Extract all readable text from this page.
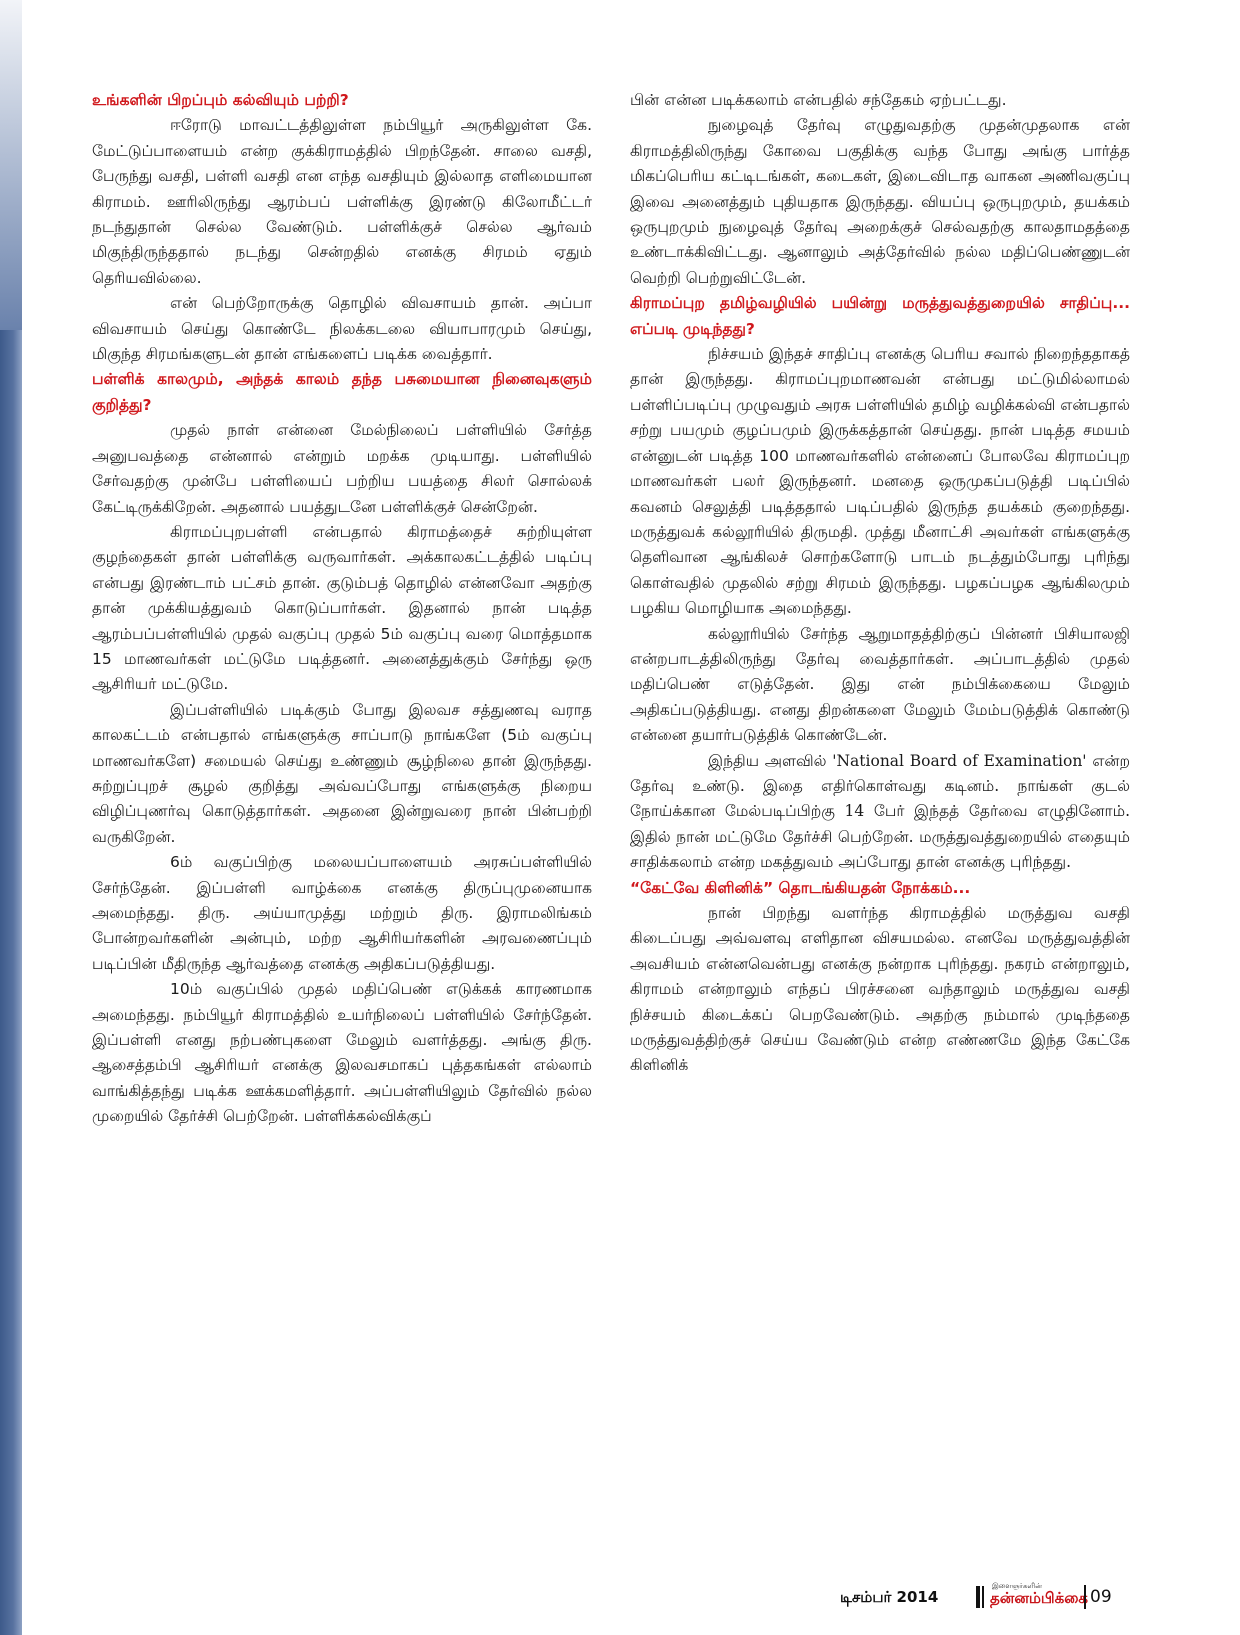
உங்களின் பிறப்பும் கல்வியும் பற்றி?

ஈரோடு மாவட்டத்திலுள்ள நம்பியூர் அருகிலுள்ள கே. மேட்டுப்பாளையம் என்ற குக்கிராமத்தில் பிறந்தேன். சாலை வசதி, பேருந்து வசதி, பள்ளி வசதி என எந்த வசதியும் இல்லாத எளிமையான கிராமம். ஊரிலிருந்து ஆரம்பப் பள்ளிக்கு இரண்டு கிலோமீட்டர் நடந்துதான் செல்ல வேண்டும். பள்ளிக்குச் செல்ல ஆர்வம் மிகுந்திருந்ததால் நடந்து சென்றதில் எனக்கு சிரமம் ஏதும் தெரியவில்லை.

என் பெற்றோருக்கு தொழில் விவசாயம் தான். அப்பா விவசாயம் செய்து கொண்டே நிலக்கடலை வியாபாரமும் செய்து, மிகுந்த சிரமங்களுடன் தான் எங்களைப் படிக்க வைத்தார்.

பள்ளிக் காலமும், அந்தக் காலம் தந்த பசுமையான நினைவுகளும் குறித்து?

முதல் நாள் என்னை மேல்நிலைப் பள்ளியில் சேர்த்த அனுபவத்தை என்னால் என்றும் மறக்க முடியாது. பள்ளியில் சேர்வதற்கு முன்பே பள்ளியைப் பற்றிய பயத்தை சிலர் சொல்லக் கேட்டிருக்கிறேன். அதனால் பயத்துடனே பள்ளிக்குச் சென்றேன்.

கிராமப்புறபள்ளி என்பதால் கிராமத்தைச் சுற்றியுள்ள குழந்தைகள் தான் பள்ளிக்கு வருவார்கள். அக்காலகட்டத்தில் படிப்பு என்பது இரண்டாம் பட்சம் தான். குடும்பத் தொழில் என்னவோ அதற்கு தான் முக்கியத்துவம் கொடுப்பார்கள். இதனால் நான் படித்த ஆரம்பப்பள்ளியில் முதல் வகுப்பு முதல் 5ம் வகுப்பு வரை மொத்தமாக 15 மாணவர்கள் மட்டுமே படித்தனர். அனைத்துக்கும் சேர்ந்து ஒரு ஆசிரியர் மட்டுமே.

இப்பள்ளியில் படிக்கும் போது இலவச சத்துணவு வராத காலகட்டம் என்பதால் எங்களுக்கு சாப்பாடு நாங்களே (5ம் வகுப்பு மாணவர்களே) சமையல் செய்து உண்ணும் சூழ்நிலை தான் இருந்தது. சுற்றுப்புறச் சூழல் குறித்து அவ்வப்போது எங்களுக்கு நிறைய விழிப்புணர்வு கொடுத்தார்கள். அதனை இன்றுவரை நான் பின்பற்றி வருகிறேன்.

6ம் வகுப்பிற்கு மலையப்பாளையம் அரசுப்பள்ளியில் சேர்ந்தேன். இப்பள்ளி வாழ்க்கை எனக்கு திருப்புமுனையாக அமைந்தது. திரு. அய்யாமுத்து மற்றும் திரு. இராமலிங்கம் போன்றவர்களின் அன்பும், மற்ற ஆசிரியர்களின் அரவணைப்பும் படிப்பின் மீதிருந்த ஆர்வத்தை எனக்கு அதிகப்படுத்தியது.

10ம் வகுப்பில் முதல் மதிப்பெண் எடுக்கக் காரணமாக அமைந்தது. நம்பியூர் கிராமத்தில் உயர்நிலைப் பள்ளியில் சேர்ந்தேன். இப்பள்ளி எனது நற்பண்புகளை மேலும் வளர்த்தது. அங்கு திரு. ஆசைத்தம்பி ஆசிரியர் எனக்கு இலவசமாகப் புத்தகங்கள் எல்லாம் வாங்கித்தந்து படிக்க ஊக்கமளித்தார். அப்பள்ளியிலும் தேர்வில் நல்ல முறையில் தேர்ச்சி பெற்றேன். பள்ளிக்கல்விக்குப்

பின் என்ன படிக்கலாம் என்பதில் சந்தேகம் ஏற்பட்டது.

நுழைவுத் தேர்வு எழுதுவதற்கு முதன்முதலாக என் கிராமத்திலிருந்து கோவை பகுதிக்கு வந்த போது அங்கு பார்த்த மிகப்பெரிய கட்டிடங்கள், கடைகள், இடைவிடாத வாகன அணிவகுப்பு இவை அனைத்தும் புதியதாக இருந்தது. வியப்பு ஒருபுறமும், தயக்கம் ஒருபுறமும் நுழைவுத் தேர்வு அறைக்குச் செல்வதற்கு காலதாமதத்தை உண்டாக்கிவிட்டது. ஆனாலும் அத்தேர்வில் நல்ல மதிப்பெண்ணுடன் வெற்றி பெற்றுவிட்டேன்.

கிராமப்புற தமிழ்வழியில் பயின்று மருத்துவத்துறையில் சாதிப்பு... எப்படி முடிந்தது?

நிச்சயம் இந்தச் சாதிப்பு எனக்கு பெரிய சவால் நிறைந்ததாகத் தான் இருந்தது. கிராமப்புறமாணவன் என்பது மட்டுமில்லாமல் பள்ளிப்படிப்பு முழுவதும் அரசு பள்ளியில் தமிழ் வழிக்கல்வி என்பதால் சற்று பயமும் குழப்பமும் இருக்கத்தான் செய்தது. நான் படித்த சமயம் என்னுடன் படித்த 100 மாணவர்களில் என்னைப் போலவே கிராமப்புற மாணவர்கள் பலர் இருந்தனர். மனதை ஒருமுகப்படுத்தி படிப்பில் கவனம் செலுத்தி படித்ததால் படிப்பதில் இருந்த தயக்கம் குறைந்தது. மருத்துவக் கல்லூரியில் திருமதி. முத்து மீனாட்சி அவர்கள் எங்களுக்கு தெளிவான ஆங்கிலச் சொற்களோடு பாடம் நடத்தும்போது புரிந்து கொள்வதில் முதலில் சற்று சிரமம் இருந்தது. பழகப்பழக ஆங்கிலமும் பழகிய மொழியாக அமைந்தது.

கல்லூரியில் சேர்ந்த ஆறுமாதத்திற்குப் பின்னர் பிசியாலஜி என்றபாடத்திலிருந்து தேர்வு வைத்தார்கள். அப்பாடத்தில் முதல் மதிப்பெண் எடுத்தேன். இது என் நம்பிக்கையை மேலும் அதிகப்படுத்தியது. எனது திறன்களை மேலும் மேம்படுத்திக் கொண்டு என்னை தயார்படுத்திக் கொண்டேன்.

இந்திய அளவில் 'National Board of Examination' என்ற தேர்வு உண்டு. இதை எதிர்கொள்வது கடினம். நாங்கள் குடல் நோய்க்கான மேல்படிப்பிற்கு 14 பேர் இந்தத் தேர்வை எழுதினோம். இதில் நான் மட்டுமே தேர்ச்சி பெற்றேன். மருத்துவத்துறையில் எதையும் சாதிக்கலாம் என்ற மகத்துவம் அப்போது தான் எனக்கு புரிந்தது.

“கேட்வே கிளினிக்” தொடங்கியதன் நோக்கம்...

நான் பிறந்து வளர்ந்த கிராமத்தில் மருத்துவ வசதி கிடைப்பது அவ்வளவு எளிதான விசயமல்ல. எனவே மருத்துவத்தின் அவசியம் என்னவென்பது எனக்கு நன்றாக புரிந்தது. நகரம் என்றாலும், கிராமம் என்றாலும் எந்தப் பிரச்சனை வந்தாலும் மருத்துவ வசதி நிச்சயம் கிடைக்கப் பெறவேண்டும். அதற்கு நம்மால் முடிந்ததை மருத்துவத்திற்குச் செய்ய வேண்டும் என்ற எண்ணமே இந்த கேட்கே கிளினிக்

டிசம்பர் 2014
இளைஞர்களின்
தன்னம்பிக்கை 09
